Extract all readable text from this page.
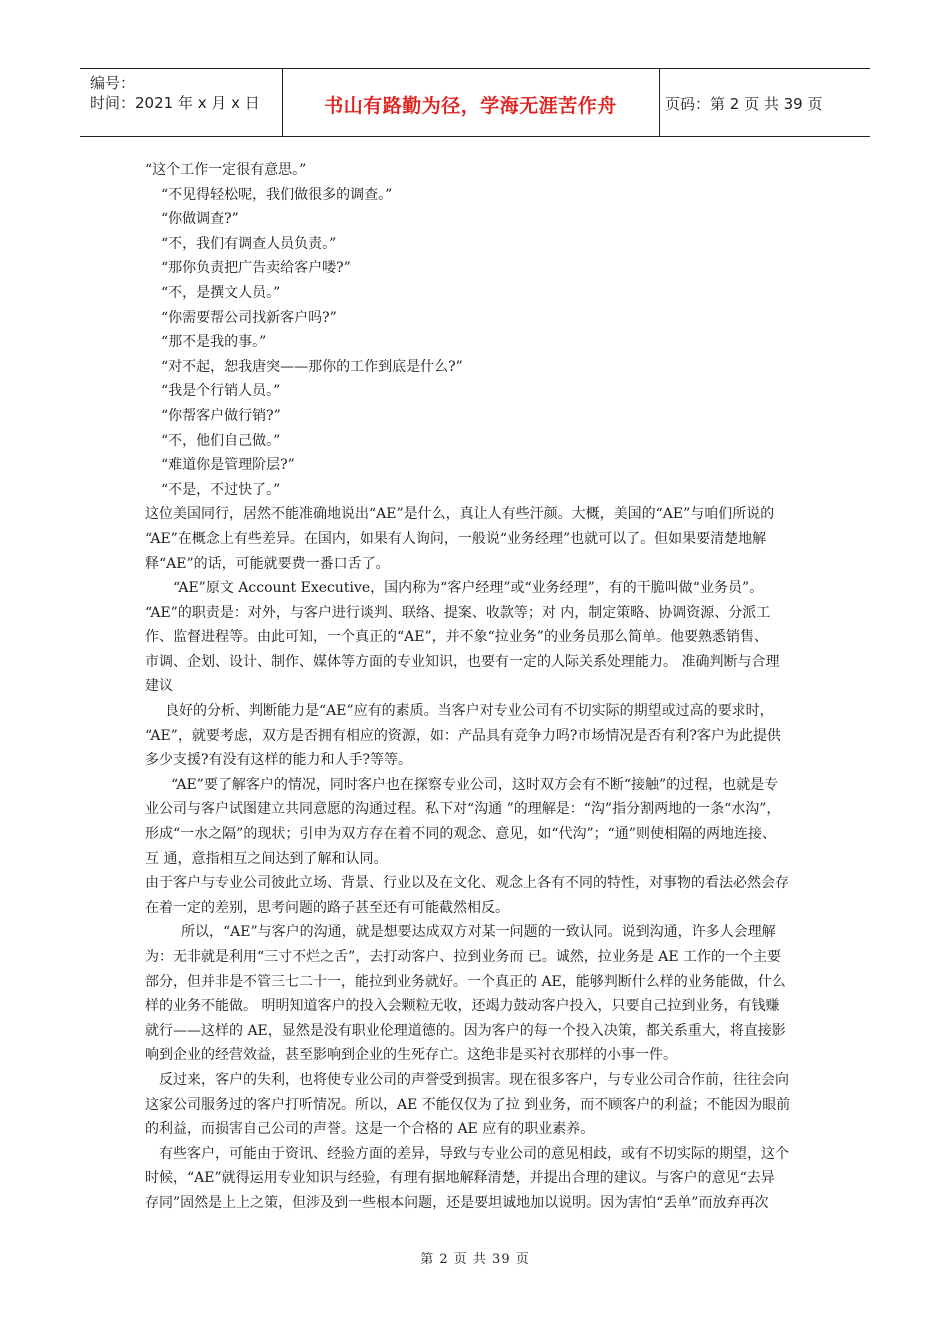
编号：
时间：2021 年 x 月 x 日	书山有路勤为径，学海无涯苦作舟	页码：第 2 页 共 39 页

“这个工作一定很有意思。”

“不见得轻松呢，我们做很多的调查。”

“你做调查?”

“不，我们有调查人员负责。”

“那你负责把广告卖给客户喽?”

“不，是撰文人员。”

“你需要帮公司找新客户吗?”

“那不是我的事。”

“对不起，恕我唐突——那你的工作到底是什么?”

“我是个行销人员。”

“你帮客户做行销?”

“不，他们自己做。”

“难道你是管理阶层?”

“不是，不过快了。”

这位美国同行，居然不能准确地说出“AE”是什么，真让人有些汗颜。大概，美国的“AE”与咱们所说的

“AE”在概念上有些差异。在国内，如果有人询问，一般说“业务经理”也就可以了。但如果要清楚地解

释“AE”的话，可能就要费一番口舌了。

“AE”原文 Account Executive，国内称为“客户经理”或“业务经理”，有的干脆叫做“业务员”。

“AE”的职责是：对外，与客户进行谈判、联络、提案、收款等；对 内，制定策略、协调资源、分派工

作、监督进程等。由此可知，一个真正的“AE”，并不象“拉业务”的业务员那么简单。他要熟悉销售、

市调、企划、设计、制作、媒体等方面的专业知识，也要有一定的人际关系处理能力。 准确判断与合理

建议

良好的分析、判断能力是“AE”应有的素质。当客户对专业公司有不切实际的期望或过高的要求时，

“AE”，就要考虑，双方是否拥有相应的资源，如：产品具有竞争力吗?市场情况是否有利?客户为此提供

多少支援?有没有这样的能力和人手?等等。

“AE”要了解客户的情况，同时客户也在探察专业公司，这时双方会有不断“接触”的过程，也就是专

业公司与客户试图建立共同意愿的沟通过程。私下对“沟通 ”的理解是：“沟”指分割两地的一条“水沟”，

形成“一水之隔”的现状；引申为双方存在着不同的观念、意见，如“代沟”；“通”则使相隔的两地连接、

互 通，意指相互之间达到了解和认同。

由于客户与专业公司彼此立场、背景、行业以及在文化、观念上各有不同的特性，对事物的看法必然会存

在着一定的差别，思考问题的路子甚至还有可能截然相反。

所以，“AE”与客户的沟通，就是想要达成双方对某一问题的一致认同。说到沟通，许多人会理解

为：无非就是利用“三寸不烂之舌”，去打动客户、拉到业务而 已。诚然，拉业务是 AE 工作的一个主要

部分，但并非是不管三七二十一，能拉到业务就好。一个真正的 AE，能够判断什么样的业务能做，什么

样的业务不能做。 明明知道客户的投入会颗粒无收，还竭力鼓动客户投入，只要自己拉到业务，有钱赚

就行——这样的 AE，显然是没有职业伦理道德的。因为客户的每一个投入决策，都关系重大，将直接影

响到企业的经营效益，甚至影响到企业的生死存亡。这绝非是买衬衣那样的小事一件。

反过来，客户的失利，也将使专业公司的声誉受到损害。现在很多客户，与专业公司合作前，往往会向

这家公司服务过的客户打听情况。所以，AE 不能仅仅为了拉 到业务，而不顾客户的利益；不能因为眼前

的利益，而损害自己公司的声誉。这是一个合格的 AE 应有的职业素养。

有些客户，可能由于资讯、经验方面的差异，导致与专业公司的意见相歧，或有不切实际的期望，这个

时候，“AE”就得运用专业知识与经验，有理有据地解释清楚，并提出合理的建议。与客户的意见“去异

存同”固然是上上之策，但涉及到一些根本问题，还是要坦诚地加以说明。因为害怕“丢单”而放弃再次

第 2 页 共 39 页
